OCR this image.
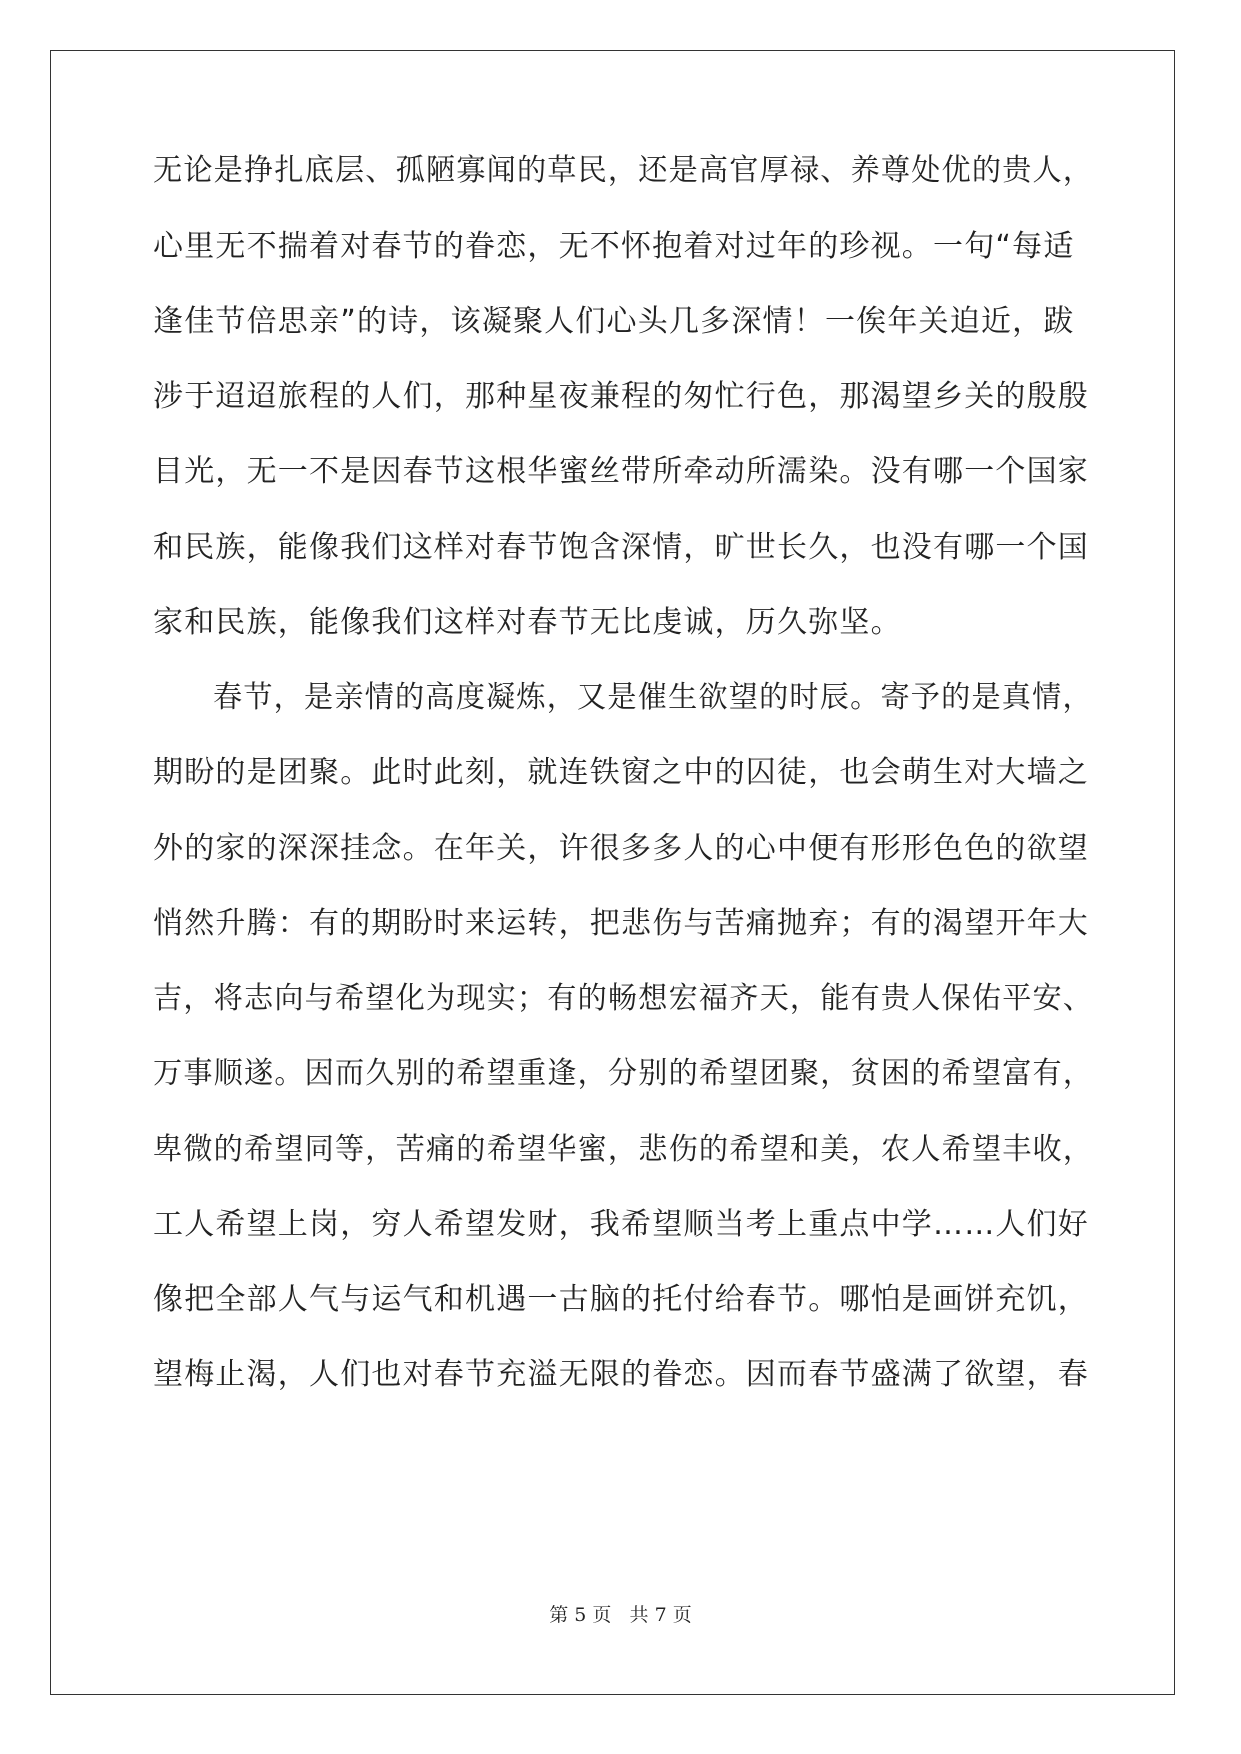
无论是挣扎底层、孤陋寡闻的草民，还是高官厚禄、养尊处优的贵人，
心里无不揣着对春节的眷恋，无不怀抱着对过年的珍视。一句“每适
逢佳节倍思亲”的诗，该凝聚人们心头几多深情！一俟年关迫近，跋
涉于迢迢旅程的人们，那种星夜兼程的匆忙行色，那渴望乡关的殷殷
目光，无一不是因春节这根华蜜丝带所牵动所濡染。没有哪一个国家
和民族，能像我们这样对春节饱含深情，旷世长久，也没有哪一个国
家和民族，能像我们这样对春节无比虔诚，历久弥坚。
春节，是亲情的高度凝炼，又是催生欲望的时辰。寄予的是真情，
期盼的是团聚。此时此刻，就连铁窗之中的囚徒，也会萌生对大墙之
外的家的深深挂念。在年关，许很多多人的心中便有形形色色的欲望
悄然升腾：有的期盼时来运转，把悲伤与苦痛抛弃；有的渴望开年大
吉，将志向与希望化为现实；有的畅想宏福齐天，能有贵人保佑平安、
万事顺遂。因而久别的希望重逢，分别的希望团聚，贫困的希望富有，
卑微的希望同等，苦痛的希望华蜜，悲伤的希望和美，农人希望丰收，
工人希望上岗，穷人希望发财，我希望顺当考上重点中学……人们好
像把全部人气与运气和机遇一古脑的托付给春节。哪怕是画饼充饥，
望梅止渴，人们也对春节充溢无限的眷恋。因而春节盛满了欲望，春
第 5 页   共 7 页
